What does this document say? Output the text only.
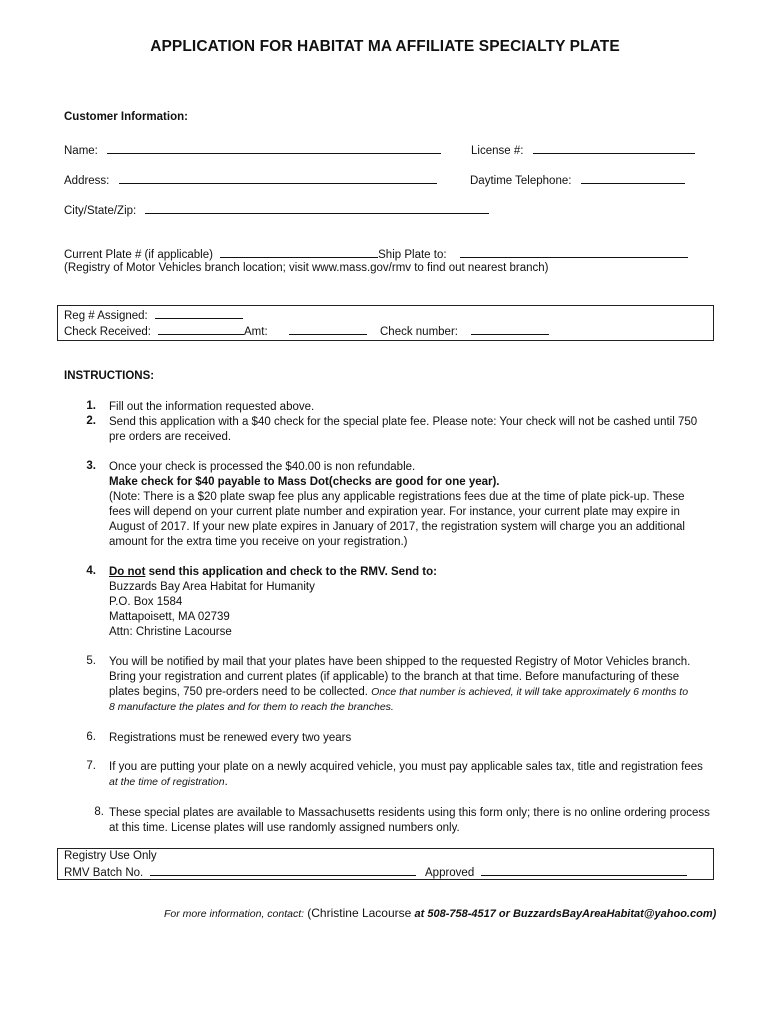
APPLICATION FOR HABITAT MA AFFILIATE SPECIALTY PLATE
Customer Information:
Name:	License #:
Address:	Daytime Telephone:
City/State/Zip:
Current Plate # (if applicable)	Ship Plate to:
(Registry of Motor Vehicles branch location; visit www.mass.gov/rmv to find out nearest branch)
Reg # Assigned:
Check Received:	Amt:	Check number:
INSTRUCTIONS:
1. Fill out the information requested above.
2. Send this application with a $40 check for the special plate fee. Please note: Your check will not be cashed until 750
pre orders are received.
3. Once your check is processed the $40.00 is non refundable.
Make check for $40 payable to Mass Dot(checks are good for one year).
(Note: There is a $20 plate swap fee plus any applicable registrations fees due at the time of plate pick-up. These
fees will depend on your current plate number and expiration year. For instance, your current plate may expire in
August of 2017. If your new plate expires in January of 2017, the registration system will charge you an additional
amount for the extra time you receive on your registration.)
4. Do not send this application and check to the RMV. Send to:
Buzzards Bay Area Habitat for Humanity
P.O. Box 1584
Mattapoisett, MA 02739
Attn: Christine Lacourse
5. You will be notified by mail that your plates have been shipped to the requested Registry of Motor Vehicles branch.
Bring your registration and current plates (if applicable) to the branch at that time. Before manufacturing of these
plates begins, 750 pre-orders need to be collected. Once that number is achieved, it will take approximately 6 months to
8 manufacture the plates and for them to reach the branches.
6. Registrations must be renewed every two years
7. If you are putting your plate on a newly acquired vehicle, you must pay applicable sales tax, title and registration fees
at the time of registration.
8. These special plates are available to Massachusetts residents using this form only; there is no online ordering process
at this time. License plates will use randomly assigned numbers only.
Registry Use Only
RMV Batch No.	Approved
For more information, contact: (Christine Lacourse at 508-758-4517 or BuzzardsBayAreaHabitat@yahoo.com)
